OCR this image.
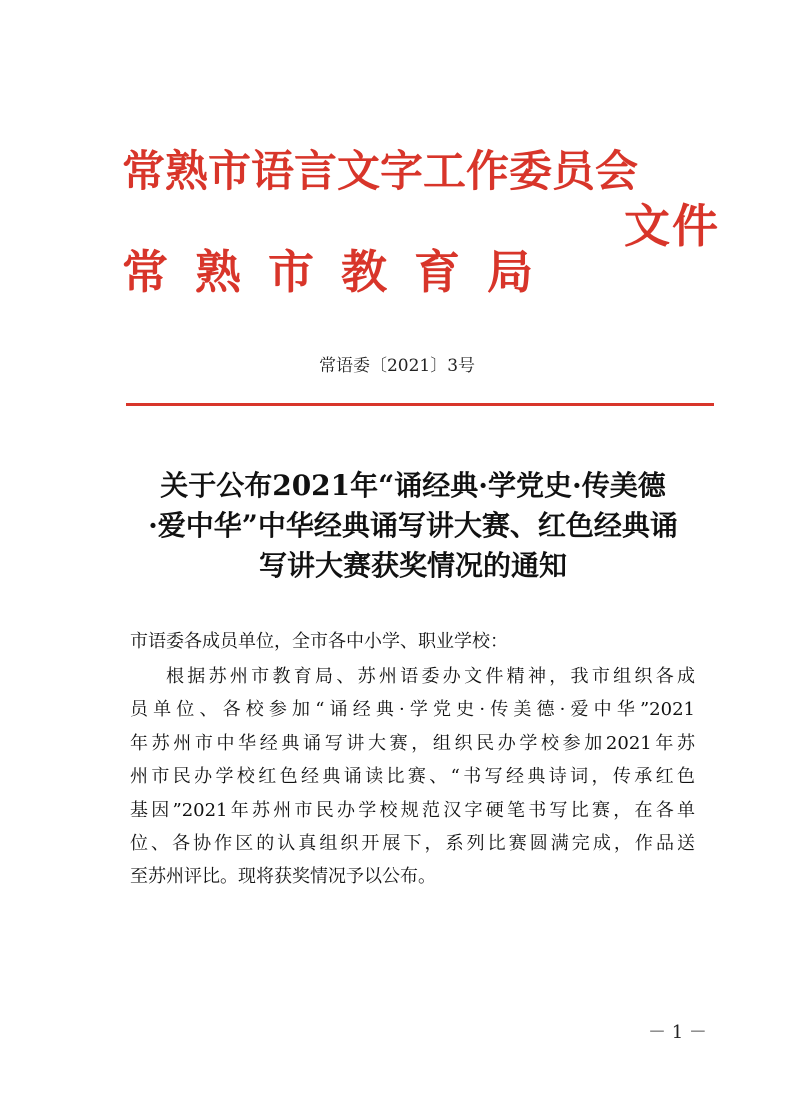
常熟市语言文字工作委员会
常熟市教育局
文件
常语委〔2021〕3号
关于公布2021年“诵经典·学党史·传美德
·爱中华”中华经典诵写讲大赛、红色经典诵
写讲大赛获奖情况的通知
市语委各成员单位，全市各中小学、职业学校：

根据苏州市教育局、苏州语委办文件精神，我市组织各成
员单位、各校参加“诵经典·学党史·传美德·爱中华”2021
年苏州市中华经典诵写讲大赛，组织民办学校参加2021年苏
州市民办学校红色经典诵读比赛、“书写经典诗词，传承红色
基因”2021年苏州市民办学校规范汉字硬笔书写比赛，在各单
位、各协作区的认真组织开展下，系列比赛圆满完成，作品送
至苏州评比。现将获奖情况予以公布。

－ 1 －
